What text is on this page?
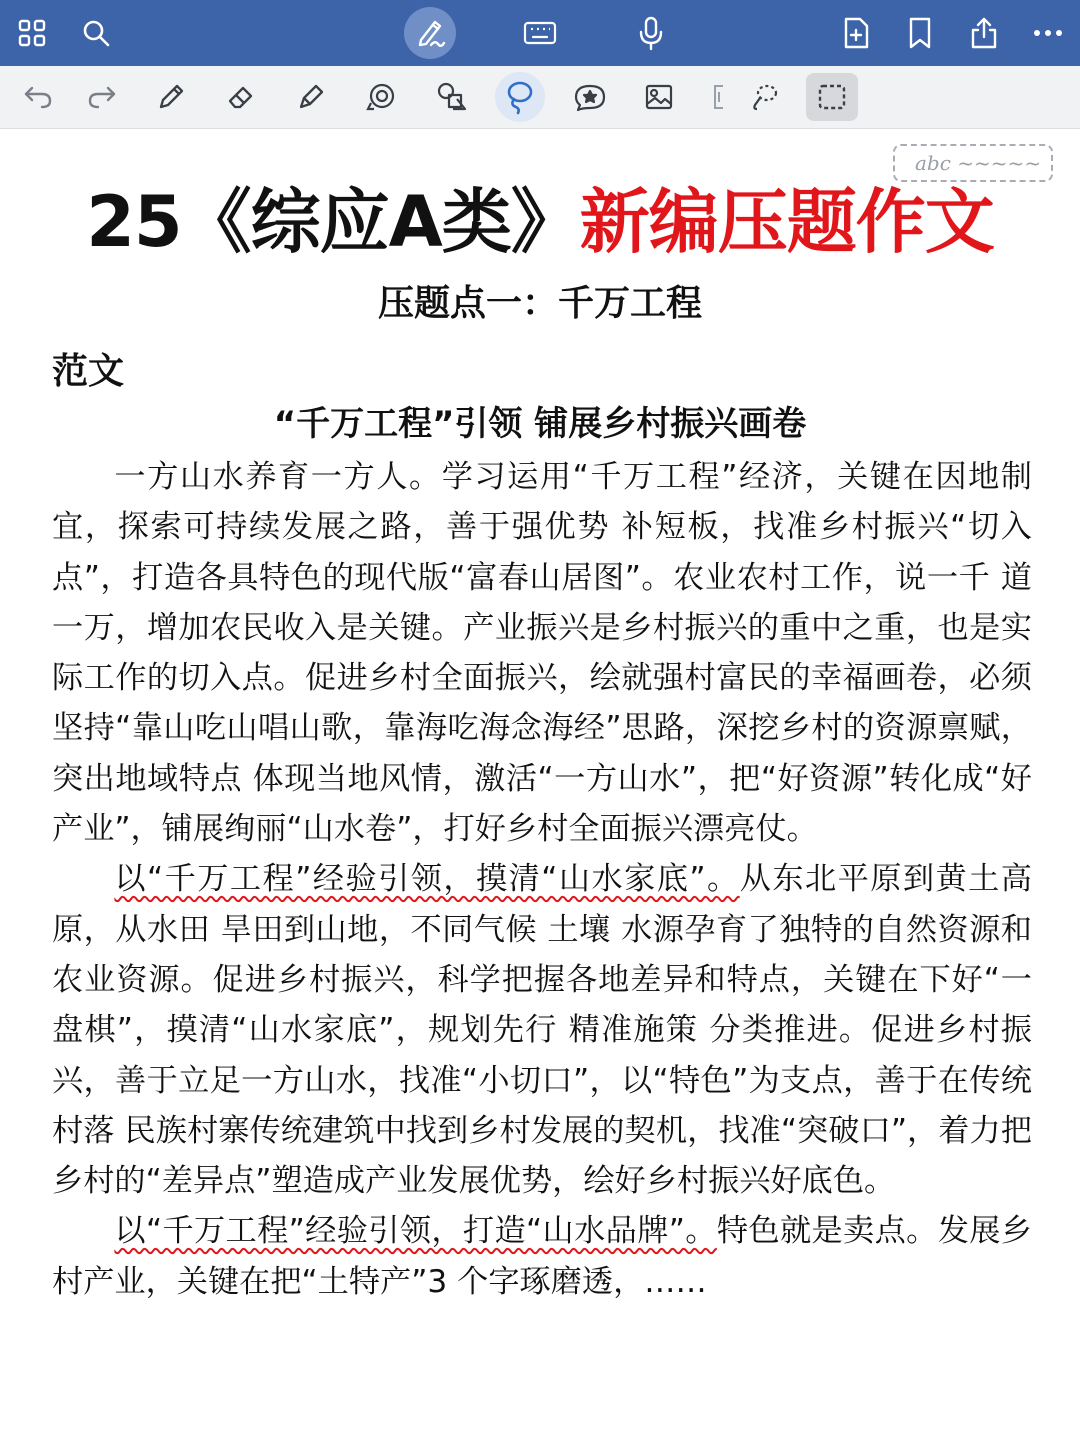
abc ~~~~~
25《综应A类》新编压题作文
压题点一：千万工程
范文
“千万工程”引领 铺展乡村振兴画卷

一方山水养育一方人。学习运用“千万工程”经济，关键在因地制宜，探索可持续发展之路，善于强优势 补短板，找准乡村振兴“切入点”，打造各具特色的现代版“富春山居图”。农业农村工作，说一千 道一万，增加农民收入是关键。产业振兴是乡村振兴的重中之重，也是实际工作的切入点。促进乡村全面振兴，绘就强村富民的幸福画卷，必须坚持“靠山吃山唱山歌，靠海吃海念海经”思路，深挖乡村的资源禀赋，突出地域特点 体现当地风情，激活“一方山水”，把“好资源”转化成“好产业”，铺展绚丽“山水卷”，打好乡村全面振兴漂亮仗。

以“千万工程”经验引领，摸清“山水家底”。从东北平原到黄土高原，从水田 旱田到山地，不同气候 土壤 水源孕育了独特的自然资源和农业资源。促进乡村振兴，科学把握各地差异和特点，关键在下好“一盘棋”，摸清“山水家底”，规划先行 精准施策 分类推进。促进乡村振兴，善于立足一方山水，找准“小切口”，以“特色”为支点，善于在传统村落 民族村寨传统建筑中找到乡村发展的契机，找准“突破口”，着力把乡村的“差异点”塑造成产业发展优势，绘好乡村振兴好底色。

以“千万工程”经验引领，打造“山水品牌”。特色就是卖点。发展乡村产业，关键在把“土特产”3 个字琢磨透，……
